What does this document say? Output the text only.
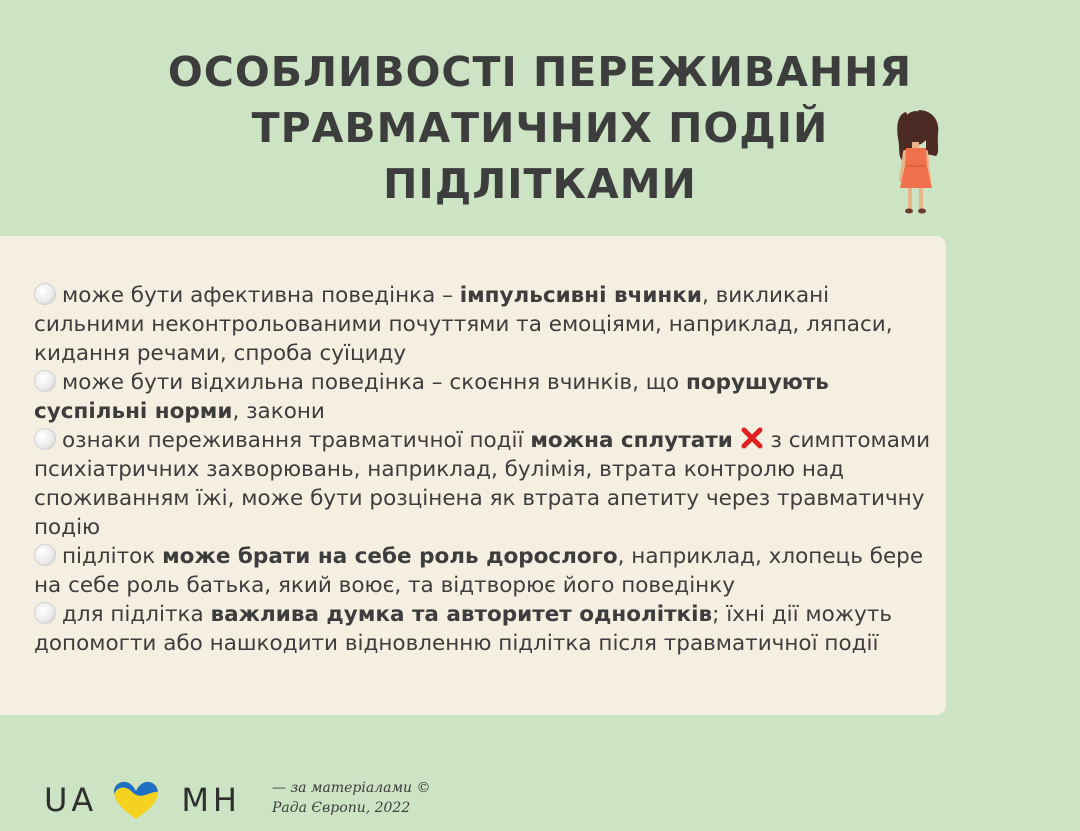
ОСОБЛИВОСТІ ПЕРЕЖИВАННЯ
ТРАВМАТИЧНИХ ПОДІЙ
ПІДЛІТКАМИ

може бути афективна поведінка – імпульсивні вчинки, викликані сильними неконтрольованими почуттями та емоціями, наприклад, ляпаси, кидання речами, спроба суїциду

може бути відхильна поведінка – скоєння вчинків, що порушують суспільні норми, закони

ознаки переживання травматичної події можна сплутати  з симптомами психіатричних захворювань, наприклад, булімія, втрата контролю над споживанням їжі, може бути розцінена як втрата апетиту через травматичну подію

підліток може брати на себе роль дорослого, наприклад, хлопець бере на себе роль батька, який воює, та відтворює його поведінку

для підлітка важлива думка та авторитет однолітків; їхні дії можуть допомогти або нашкодити відновленню підлітка після травматичної події

UA	MH — за матеріалами ©
Рада Європи, 2022
